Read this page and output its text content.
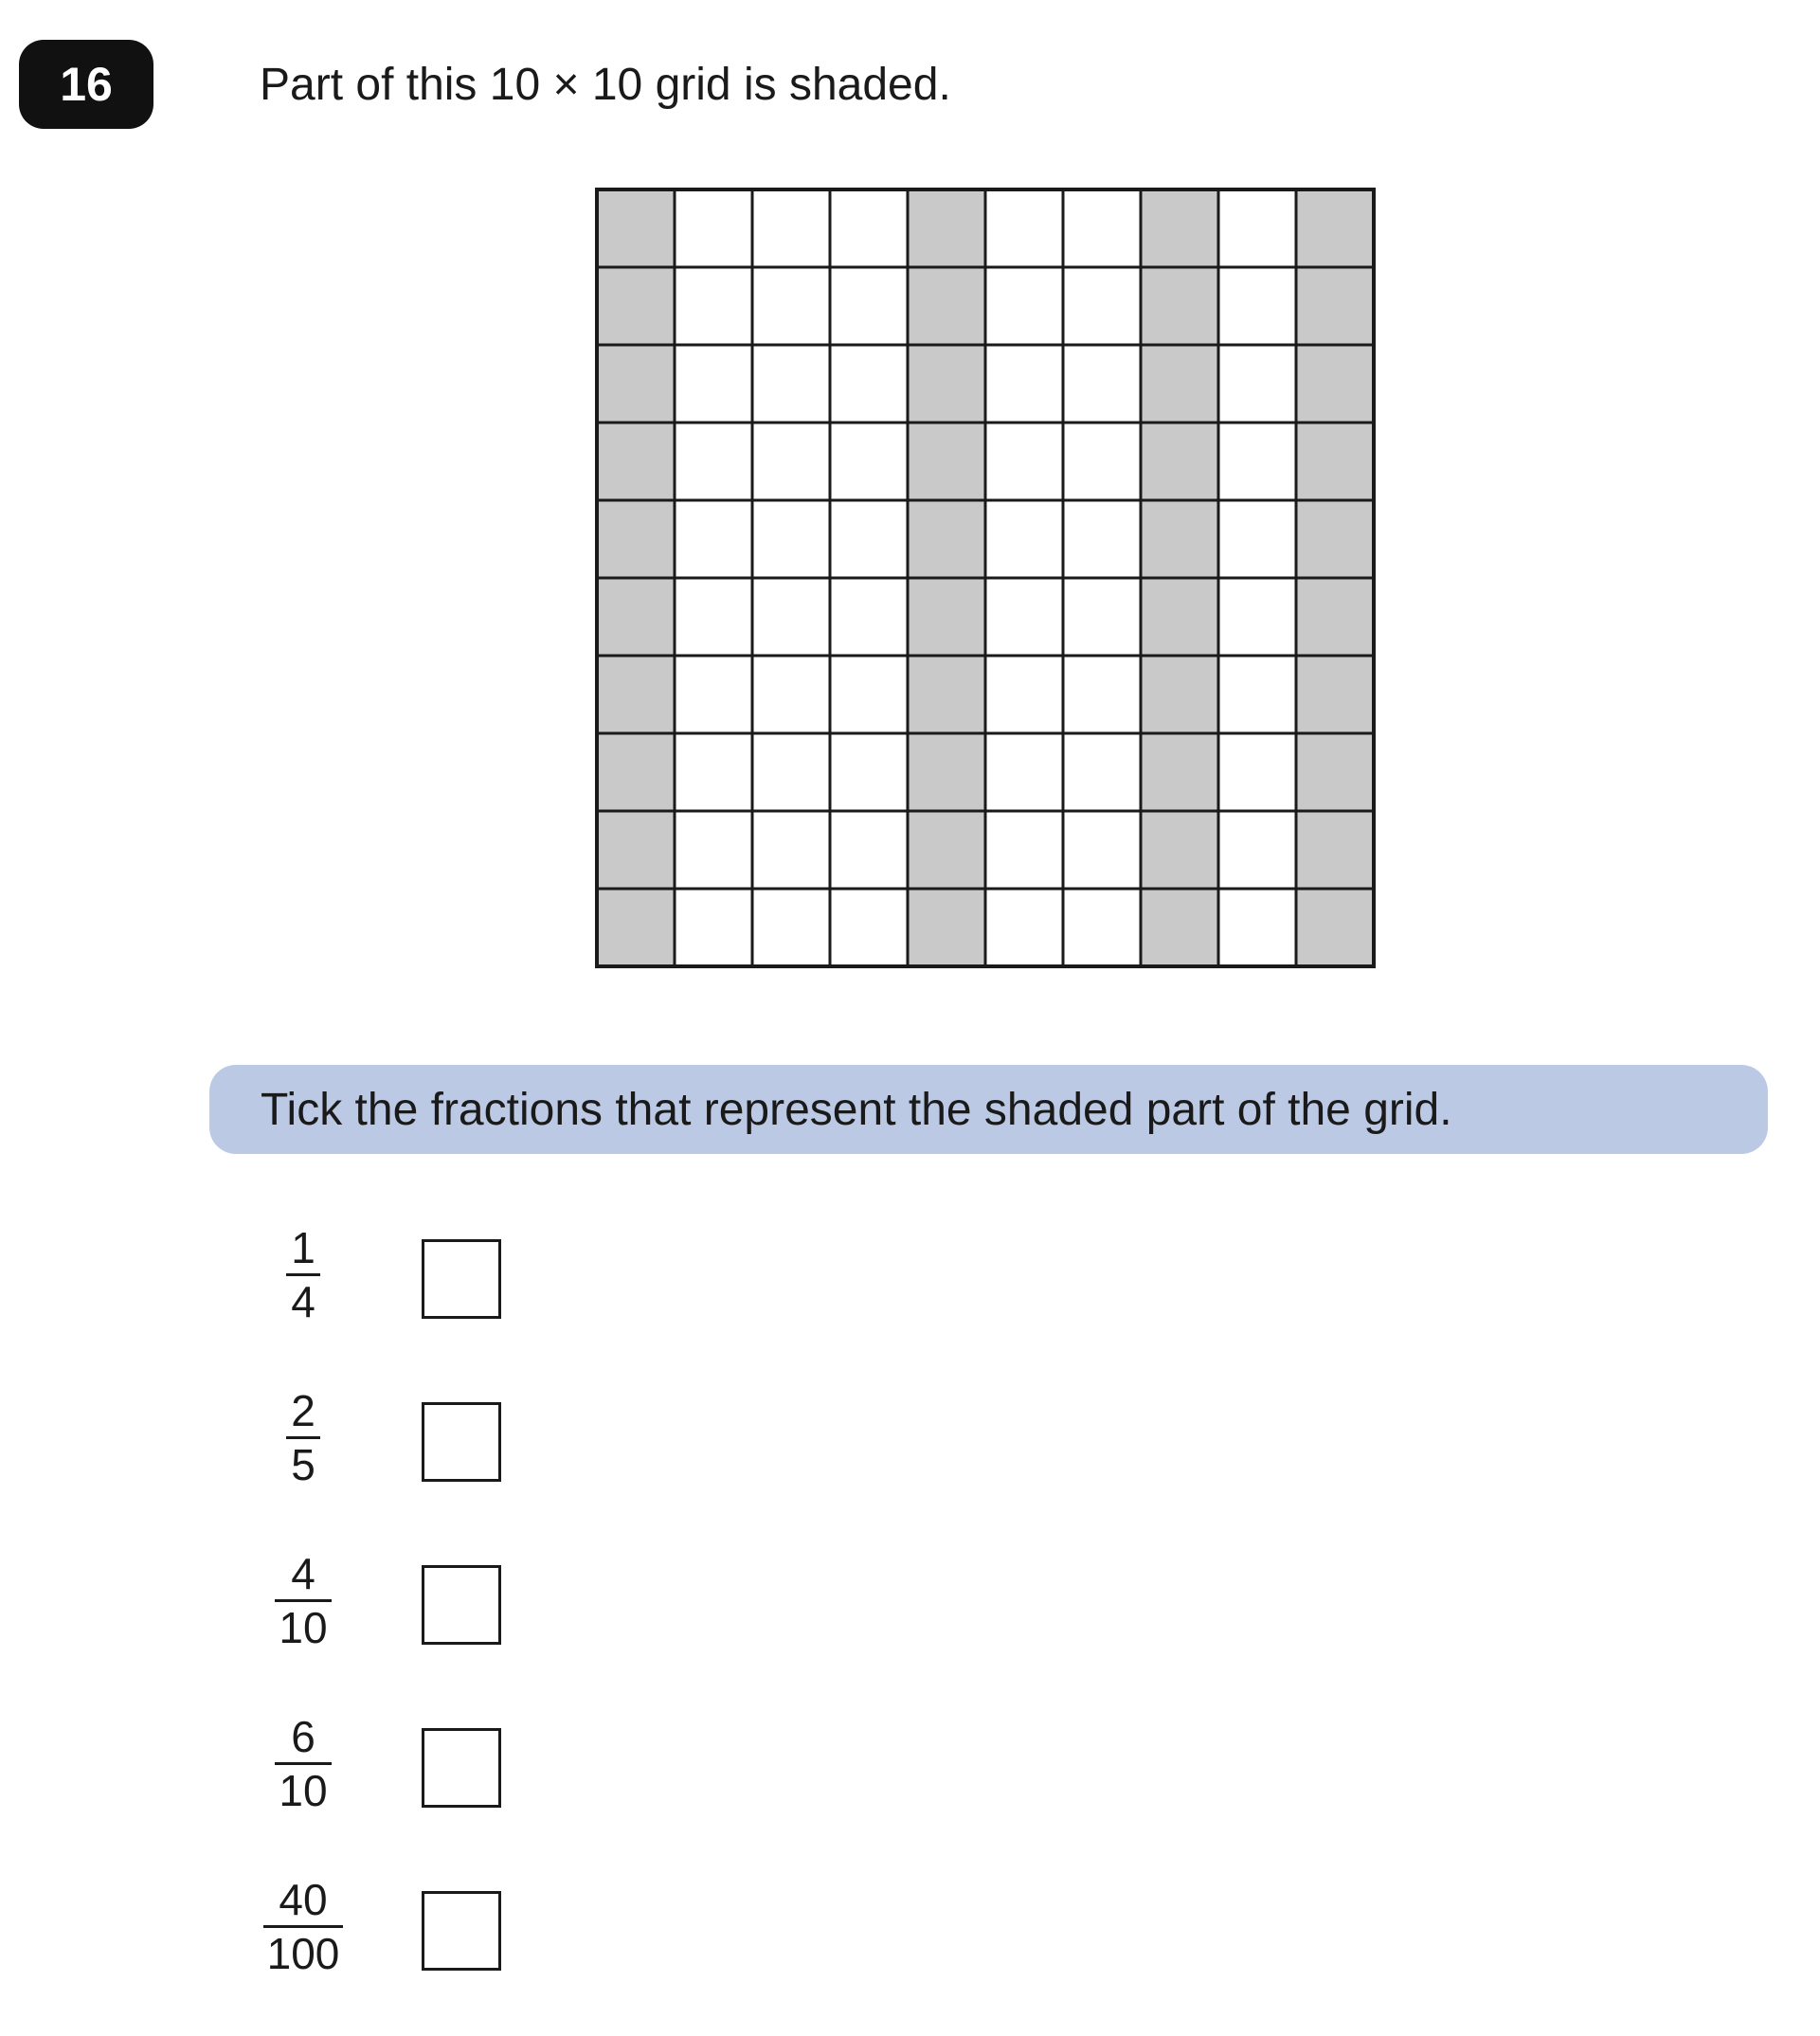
16	Part of this 10 × 10 grid is shaded.
Tick the fractions that represent the shaded part of the grid.
1
4
2
5
4
10
6
10
40
100
